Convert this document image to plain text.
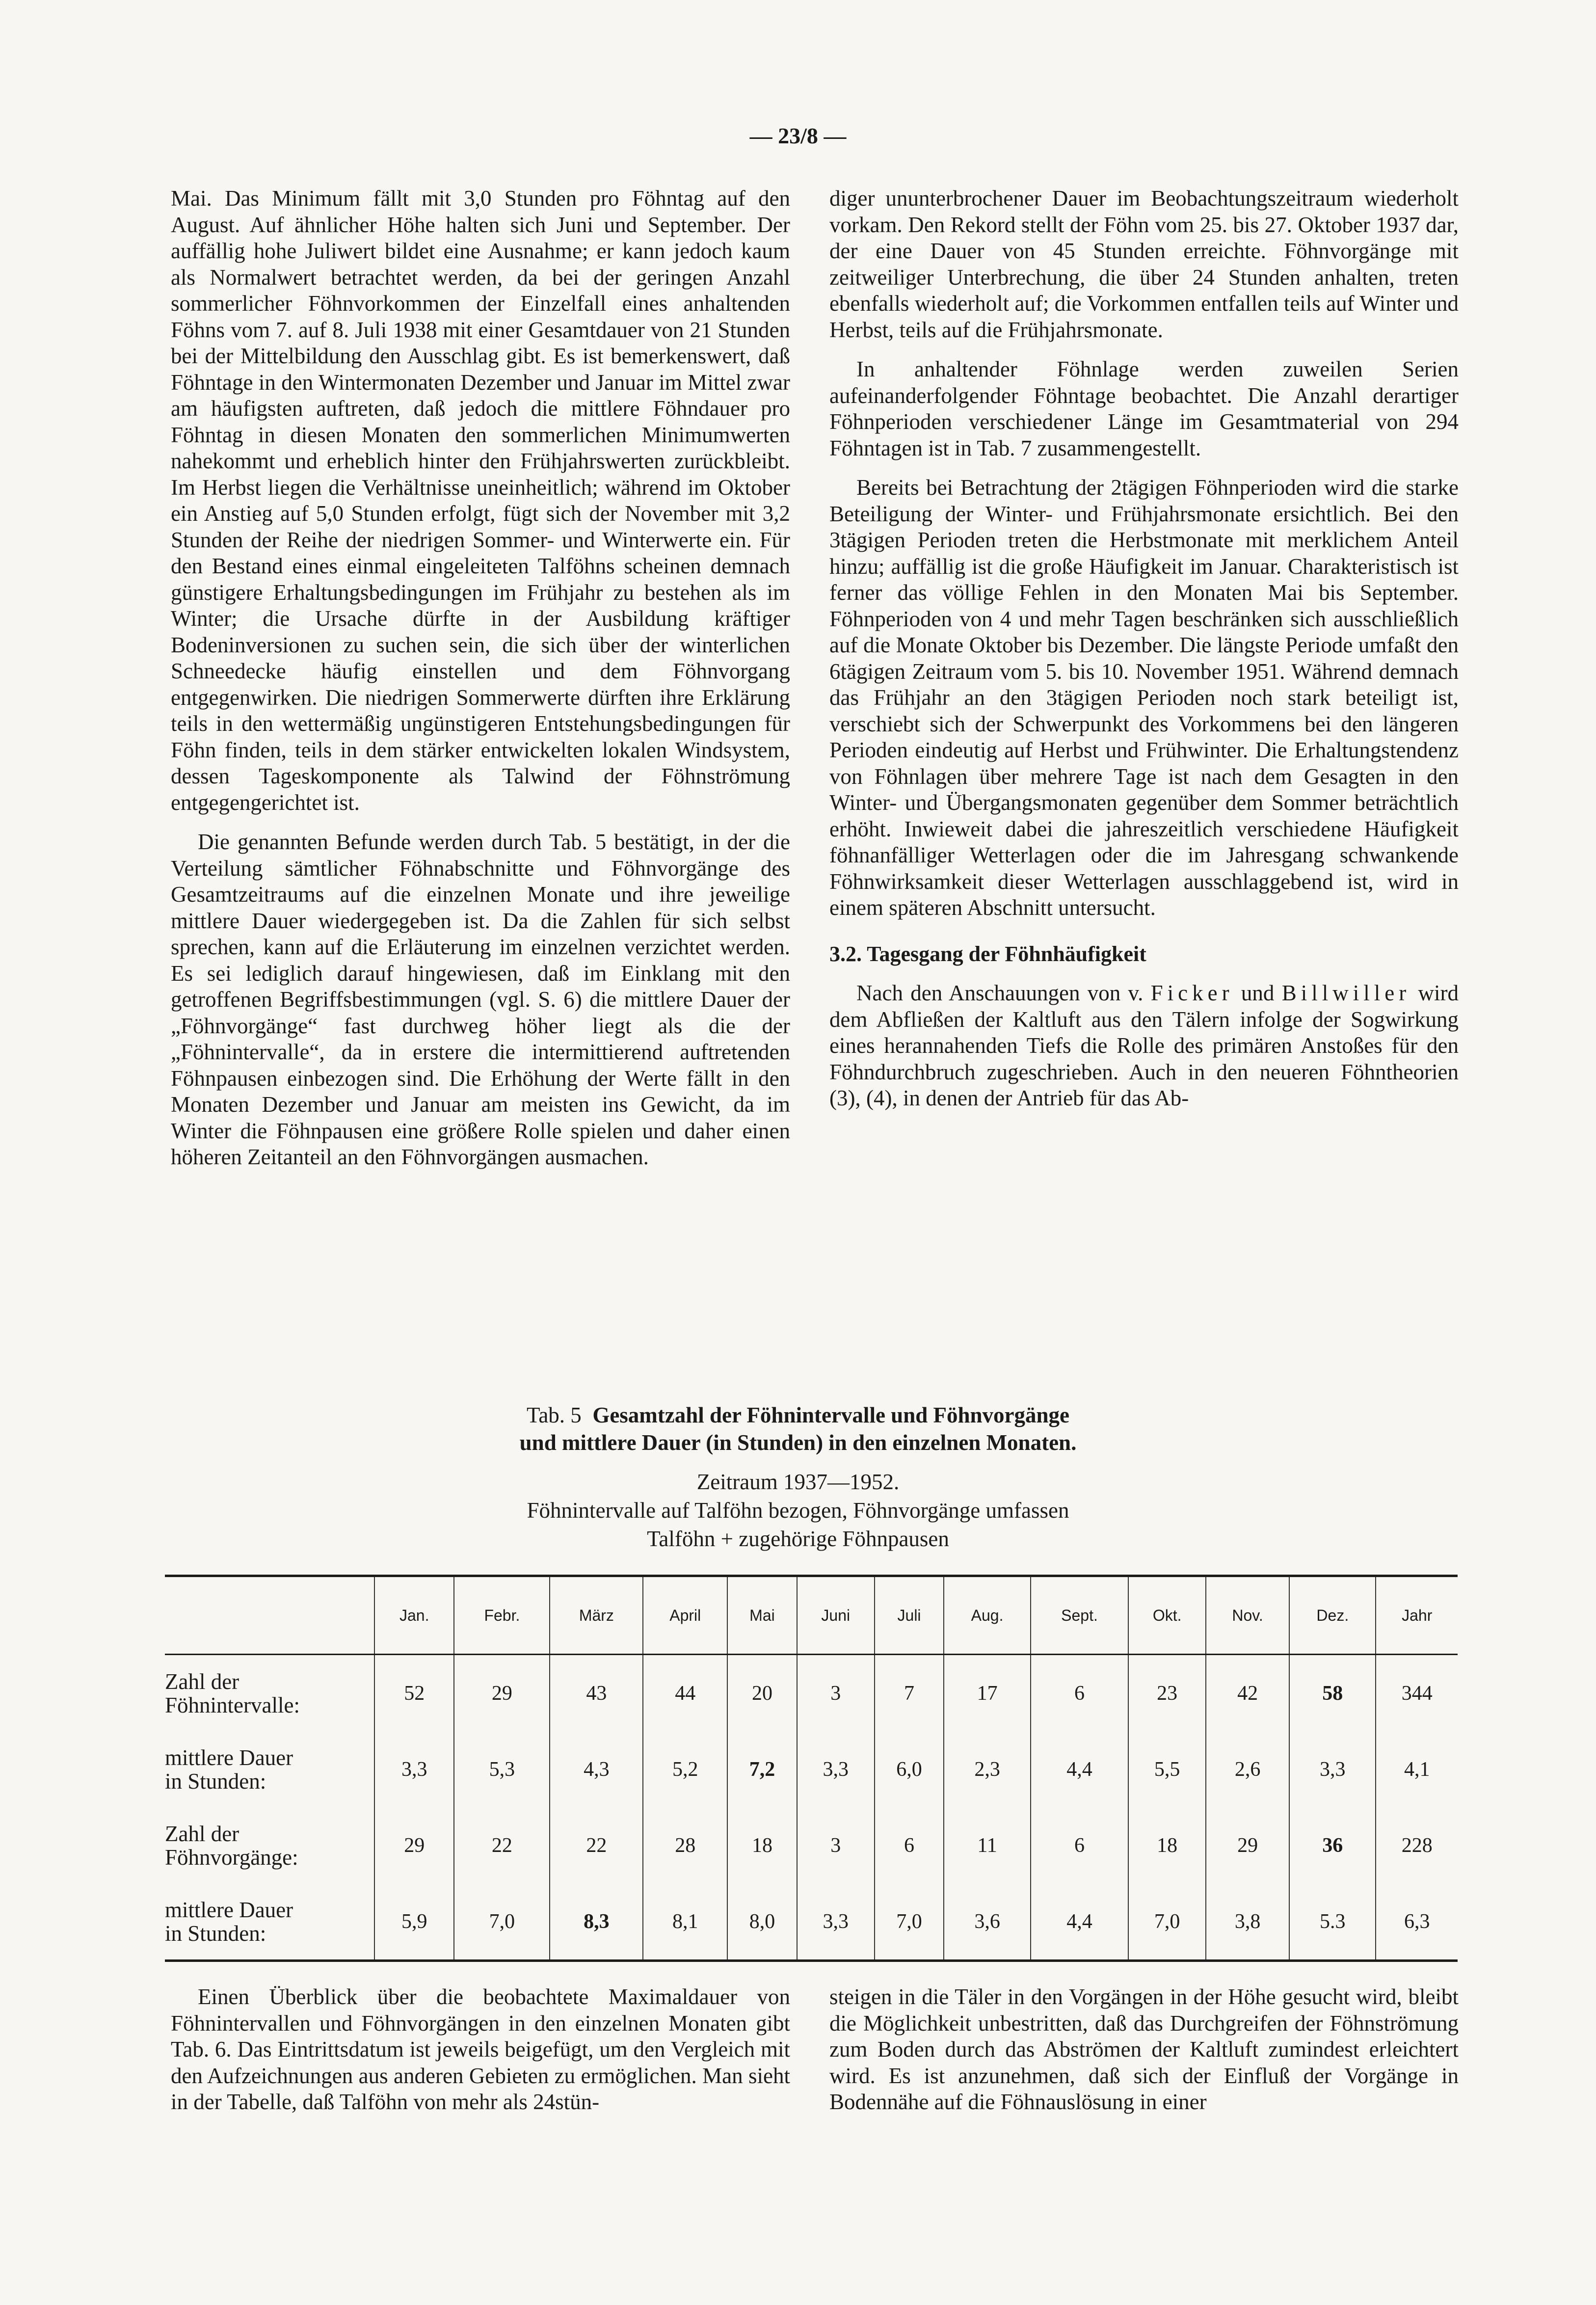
— 23/8 —

Mai. Das Minimum fällt mit 3,0 Stunden pro Föhntag auf den August. Auf ähnlicher Höhe halten sich Juni und September. Der auffällig hohe Juliwert bildet eine Ausnahme; er kann jedoch kaum als Normalwert betrachtet werden, da bei der geringen Anzahl sommerlicher Föhnvorkommen der Einzelfall eines anhaltenden Föhns vom 7. auf 8. Juli 1938 mit einer Gesamtdauer von 21 Stunden bei der Mittelbildung den Ausschlag gibt. Es ist bemerkenswert, daß Föhntage in den Wintermonaten Dezember und Januar im Mittel zwar am häufigsten auftreten, daß jedoch die mittlere Föhndauer pro Föhntag in diesen Monaten den sommerlichen Minimumwerten nahekommt und erheblich hinter den Frühjahrswerten zurückbleibt. Im Herbst liegen die Verhältnisse uneinheitlich; während im Oktober ein Anstieg auf 5,0 Stunden erfolgt, fügt sich der November mit 3,2 Stunden der Reihe der niedrigen Sommer- und Winterwerte ein. Für den Bestand eines einmal eingeleiteten Talföhns scheinen demnach günstigere Erhaltungsbedingungen im Frühjahr zu bestehen als im Winter; die Ursache dürfte in der Ausbildung kräftiger Bodeninversionen zu suchen sein, die sich über der winterlichen Schneedecke häufig einstellen und dem Föhnvorgang entgegenwirken. Die niedrigen Sommerwerte dürften ihre Erklärung teils in den wettermäßig ungünstigeren Entstehungsbedingungen für Föhn finden, teils in dem stärker entwickelten lokalen Windsystem, dessen Tageskomponente als Talwind der Föhnströmung entgegengerichtet ist.

Die genannten Befunde werden durch Tab. 5 bestätigt, in der die Verteilung sämtlicher Föhnabschnitte und Föhnvorgänge des Gesamtzeitraums auf die einzelnen Monate und ihre jeweilige mittlere Dauer wiedergegeben ist. Da die Zahlen für sich selbst sprechen, kann auf die Erläuterung im einzelnen verzichtet werden. Es sei lediglich darauf hingewiesen, daß im Einklang mit den getroffenen Begriffsbestimmungen (vgl. S. 6) die mittlere Dauer der „Föhnvorgänge“ fast durchweg höher liegt als die der „Föhnintervalle“, da in erstere die intermittierend auftretenden Föhnpausen einbezogen sind. Die Erhöhung der Werte fällt in den Monaten Dezember und Januar am meisten ins Gewicht, da im Winter die Föhnpausen eine größere Rolle spielen und daher einen höheren Zeitanteil an den Föhnvorgängen ausmachen.

diger ununterbrochener Dauer im Beobachtungszeitraum wiederholt vorkam. Den Rekord stellt der Föhn vom 25. bis 27. Oktober 1937 dar, der eine Dauer von 45 Stunden erreichte. Föhnvorgänge mit zeitweiliger Unterbrechung, die über 24 Stunden anhalten, treten ebenfalls wiederholt auf; die Vorkommen entfallen teils auf Winter und Herbst, teils auf die Frühjahrsmonate.

In anhaltender Föhnlage werden zuweilen Serien aufeinanderfolgender Föhntage beobachtet. Die Anzahl derartiger Föhnperioden verschiedener Länge im Gesamtmaterial von 294 Föhntagen ist in Tab. 7 zusammengestellt.

Bereits bei Betrachtung der 2tägigen Föhnperioden wird die starke Beteiligung der Winter- und Frühjahrsmonate ersichtlich. Bei den 3tägigen Perioden treten die Herbstmonate mit merklichem Anteil hinzu; auffällig ist die große Häufigkeit im Januar. Charakteristisch ist ferner das völlige Fehlen in den Monaten Mai bis September. Föhnperioden von 4 und mehr Tagen beschränken sich ausschließlich auf die Monate Oktober bis Dezember. Die längste Periode umfaßt den 6tägigen Zeitraum vom 5. bis 10. November 1951. Während demnach das Frühjahr an den 3tägigen Perioden noch stark beteiligt ist, verschiebt sich der Schwerpunkt des Vorkommens bei den längeren Perioden eindeutig auf Herbst und Frühwinter. Die Erhaltungstendenz von Föhnlagen über mehrere Tage ist nach dem Gesagten in den Winter- und Übergangsmonaten gegenüber dem Sommer beträchtlich erhöht. Inwieweit dabei die jahreszeitlich verschiedene Häufigkeit föhnanfälliger Wetterlagen oder die im Jahresgang schwankende Föhnwirksamkeit dieser Wetterlagen ausschlaggebend ist, wird in einem späteren Abschnitt untersucht.

3.2. Tagesgang der Föhnhäufigkeit

Nach den Anschauungen von v. Ficker und Billwiller wird dem Abfließen der Kaltluft aus den Tälern infolge der Sogwirkung eines herannahenden Tiefs die Rolle des primären Anstoßes für den Föhndurchbruch zugeschrieben. Auch in den neueren Föhntheorien (3), (4), in denen der Antrieb für das Ab-

Tab. 5 Gesamtzahl der Föhnintervalle und Föhnvorgänge
und mittlere Dauer (in Stunden) in den einzelnen Monaten.
Zeitraum 1937—1952.
Föhnintervalle auf Talföhn bezogen, Föhnvorgänge umfassen
Talföhn + zugehörige Föhnpausen
	Jan.	Febr.	März	April	Mai	Juni	Juli	Aug.	Sept.	Okt.	Nov.	Dez.	Jahr

Zahl der
Föhnintervalle:	52	29	43	44	20	3	7	17	6	23	42	58	344

mittlere Dauer
in Stunden:	3,3	5,3	4,3	5,2	7,2	3,3	6,0	2,3	4,4	5,5	2,6	3,3	4,1

Zahl der
Föhnvorgänge:	29	22	22	28	18	3	6	11	6	18	29	36	228

mittlere Dauer
in Stunden:	5,9	7,0	8,3	8,1	8,0	3,3	7,0	3,6	4,4	7,0	3,8	5.3	6,3

Einen Überblick über die beobachtete Maximaldauer von Föhnintervallen und Föhnvorgängen in den einzelnen Monaten gibt Tab. 6. Das Eintrittsdatum ist jeweils beigefügt, um den Vergleich mit den Aufzeichnungen aus anderen Gebieten zu ermöglichen. Man sieht in der Tabelle, daß Talföhn von mehr als 24stün-

steigen in die Täler in den Vorgängen in der Höhe gesucht wird, bleibt die Möglichkeit unbestritten, daß das Durchgreifen der Föhnströmung zum Boden durch das Abströmen der Kaltluft zumindest erleichtert wird. Es ist anzunehmen, daß sich der Einfluß der Vorgänge in Bodennähe auf die Föhnauslösung in einer
